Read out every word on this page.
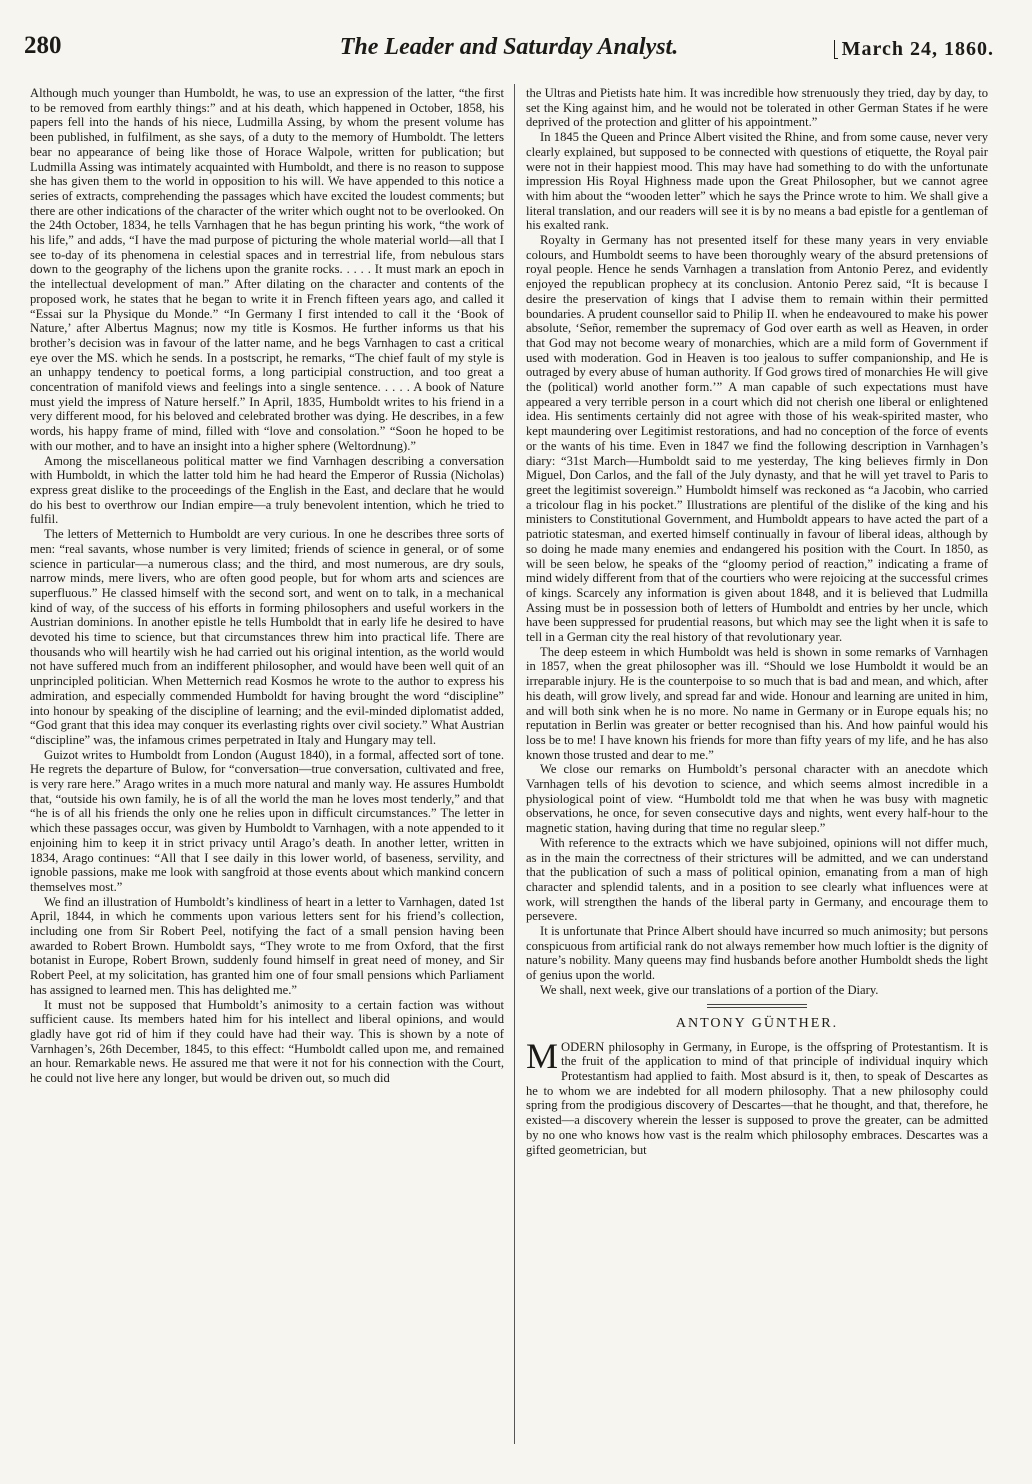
280	The Leader and Saturday Analyst.	March 24, 1860.

Although much younger than Humboldt, he was, to use an expression of the latter, “the first to be removed from earthly things:” and at his death, which happened in October, 1858, his papers fell into the hands of his niece, Ludmilla Assing, by whom the present volume has been published, in fulfilment, as she says, of a duty to the memory of Humboldt. The letters bear no appearance of being like those of Horace Walpole, written for publication; but Ludmilla Assing was intimately acquainted with Humboldt, and there is no reason to suppose she has given them to the world in opposition to his will. We have appended to this notice a series of extracts, comprehending the passages which have excited the loudest comments; but there are other indications of the character of the writer which ought not to be overlooked. On the 24th October, 1834, he tells Varnhagen that he has begun printing his work, “the work of his life,” and adds, “I have the mad purpose of picturing the whole material world—all that I see to-day of its phenomena in celestial spaces and in terrestrial life, from nebulous stars down to the geography of the lichens upon the granite rocks. . . . . It must mark an epoch in the intellectual development of man.” After dilating on the character and contents of the proposed work, he states that he began to write it in French fifteen years ago, and called it “Essai sur la Physique du Monde.” “In Germany I first intended to call it the ‘Book of Nature,’ after Albertus Magnus; now my title is Kosmos. He further informs us that his brother’s decision was in favour of the latter name, and he begs Varnhagen to cast a critical eye over the MS. which he sends. In a postscript, he remarks, “The chief fault of my style is an unhappy tendency to poetical forms, a long participial construction, and too great a concentration of manifold views and feelings into a single sentence. . . . . A book of Nature must yield the impress of Nature herself.” In April, 1835, Humboldt writes to his friend in a very different mood, for his beloved and celebrated brother was dying. He describes, in a few words, his happy frame of mind, filled with “love and consolation.” “Soon he hoped to be with our mother, and to have an insight into a higher sphere (Weltordnung).”

Among the miscellaneous political matter we find Varnhagen describing a conversation with Humboldt, in which the latter told him he had heard the Emperor of Russia (Nicholas) express great dislike to the proceedings of the English in the East, and declare that he would do his best to overthrow our Indian empire—a truly benevolent intention, which he tried to fulfil.

The letters of Metternich to Humboldt are very curious. In one he describes three sorts of men: “real savants, whose number is very limited; friends of science in general, or of some science in particular—a numerous class; and the third, and most numerous, are dry souls, narrow minds, mere livers, who are often good people, but for whom arts and sciences are superfluous.” He classed himself with the second sort, and went on to talk, in a mechanical kind of way, of the success of his efforts in forming philosophers and useful workers in the Austrian dominions. In another epistle he tells Humboldt that in early life he desired to have devoted his time to science, but that circumstances threw him into practical life. There are thousands who will heartily wish he had carried out his original intention, as the world would not have suffered much from an indifferent philosopher, and would have been well quit of an unprincipled politician. When Metternich read Kosmos he wrote to the author to express his admiration, and especially commended Humboldt for having brought the word “discipline” into honour by speaking of the discipline of learning; and the evil-minded diplomatist added, “God grant that this idea may conquer its everlasting rights over civil society.” What Austrian “discipline” was, the infamous crimes perpetrated in Italy and Hungary may tell.

Guizot writes to Humboldt from London (August 1840), in a formal, affected sort of tone. He regrets the departure of Bulow, for “conversation—true conversation, cultivated and free, is very rare here.” Arago writes in a much more natural and manly way. He assures Humboldt that, “outside his own family, he is of all the world the man he loves most tenderly,” and that “he is of all his friends the only one he relies upon in difficult circumstances.” The letter in which these passages occur, was given by Humboldt to Varnhagen, with a note appended to it enjoining him to keep it in strict privacy until Arago’s death. In another letter, written in 1834, Arago continues: “All that I see daily in this lower world, of baseness, servility, and ignoble passions, make me look with sangfroid at those events about which mankind concern themselves most.”

We find an illustration of Humboldt’s kindliness of heart in a letter to Varnhagen, dated 1st April, 1844, in which he comments upon various letters sent for his friend’s collection, including one from Sir Robert Peel, notifying the fact of a small pension having been awarded to Robert Brown. Humboldt says, “They wrote to me from Oxford, that the first botanist in Europe, Robert Brown, suddenly found himself in great need of money, and Sir Robert Peel, at my solicitation, has granted him one of four small pensions which Parliament has assigned to learned men. This has delighted me.”

It must not be supposed that Humboldt’s animosity to a certain faction was without sufficient cause. Its members hated him for his intellect and liberal opinions, and would gladly have got rid of him if they could have had their way. This is shown by a note of Varnhagen’s, 26th December, 1845, to this effect: “Humboldt called upon me, and remained an hour. Remarkable news. He assured me that were it not for his connection with the Court, he could not live here any longer, but would be driven out, so much did

the Ultras and Pietists hate him. It was incredible how strenuously they tried, day by day, to set the King against him, and he would not be tolerated in other German States if he were deprived of the protection and glitter of his appointment.”

In 1845 the Queen and Prince Albert visited the Rhine, and from some cause, never very clearly explained, but supposed to be connected with questions of etiquette, the Royal pair were not in their happiest mood. This may have had something to do with the unfortunate impression His Royal Highness made upon the Great Philosopher, but we cannot agree with him about the “wooden letter” which he says the Prince wrote to him. We shall give a literal translation, and our readers will see it is by no means a bad epistle for a gentleman of his exalted rank.

Royalty in Germany has not presented itself for these many years in very enviable colours, and Humboldt seems to have been thoroughly weary of the absurd pretensions of royal people. Hence he sends Varnhagen a translation from Antonio Perez, and evidently enjoyed the republican prophecy at its conclusion. Antonio Perez said, “It is because I desire the preservation of kings that I advise them to remain within their permitted boundaries. A prudent counsellor said to Philip II. when he endeavoured to make his power absolute, ‘Señor, remember the supremacy of God over earth as well as Heaven, in order that God may not become weary of monarchies, which are a mild form of Government if used with moderation. God in Heaven is too jealous to suffer companionship, and He is outraged by every abuse of human authority. If God grows tired of monarchies He will give the (political) world another form.’” A man capable of such expectations must have appeared a very terrible person in a court which did not cherish one liberal or enlightened idea. His sentiments certainly did not agree with those of his weak-spirited master, who kept maundering over Legitimist restorations, and had no conception of the force of events or the wants of his time. Even in 1847 we find the following description in Varnhagen’s diary: “31st March—Humboldt said to me yesterday, The king believes firmly in Don Miguel, Don Carlos, and the fall of the July dynasty, and that he will yet travel to Paris to greet the legitimist sovereign.” Humboldt himself was reckoned as “a Jacobin, who carried a tricolour flag in his pocket.” Illustrations are plentiful of the dislike of the king and his ministers to Constitutional Government, and Humboldt appears to have acted the part of a patriotic statesman, and exerted himself continually in favour of liberal ideas, although by so doing he made many enemies and endangered his position with the Court. In 1850, as will be seen below, he speaks of the “gloomy period of reaction,” indicating a frame of mind widely different from that of the courtiers who were rejoicing at the successful crimes of kings. Scarcely any information is given about 1848, and it is believed that Ludmilla Assing must be in possession both of letters of Humboldt and entries by her uncle, which have been suppressed for prudential reasons, but which may see the light when it is safe to tell in a German city the real history of that revolutionary year.

The deep esteem in which Humboldt was held is shown in some remarks of Varnhagen in 1857, when the great philosopher was ill. “Should we lose Humboldt it would be an irreparable injury. He is the counterpoise to so much that is bad and mean, and which, after his death, will grow lively, and spread far and wide. Honour and learning are united in him, and will both sink when he is no more. No name in Germany or in Europe equals his; no reputation in Berlin was greater or better recognised than his. And how painful would his loss be to me! I have known his friends for more than fifty years of my life, and he has also known those trusted and dear to me.”

We close our remarks on Humboldt’s personal character with an anecdote which Varnhagen tells of his devotion to science, and which seems almost incredible in a physiological point of view. “Humboldt told me that when he was busy with magnetic observations, he once, for seven consecutive days and nights, went every half-hour to the magnetic station, having during that time no regular sleep.”

With reference to the extracts which we have subjoined, opinions will not differ much, as in the main the correctness of their strictures will be admitted, and we can understand that the publication of such a mass of political opinion, emanating from a man of high character and splendid talents, and in a position to see clearly what influences were at work, will strengthen the hands of the liberal party in Germany, and encourage them to persevere.

It is unfortunate that Prince Albert should have incurred so much animosity; but persons conspicuous from artificial rank do not always remember how much loftier is the dignity of nature’s nobility. Many queens may find husbands before another Humboldt sheds the light of genius upon the world.

We shall, next week, give our translations of a portion of the Diary.

ANTONY GÜNTHER.

MODERN philosophy in Germany, in Europe, is the offspring of Protestantism. It is the fruit of the application to mind of that principle of individual inquiry which Protestantism had applied to faith. Most absurd is it, then, to speak of Descartes as he to whom we are indebted for all modern philosophy. That a new philosophy could spring from the prodigious discovery of Descartes—that he thought, and that, therefore, he existed—a discovery wherein the lesser is supposed to prove the greater, can be admitted by no one who knows how vast is the realm which philosophy embraces. Descartes was a gifted geometrician, but
